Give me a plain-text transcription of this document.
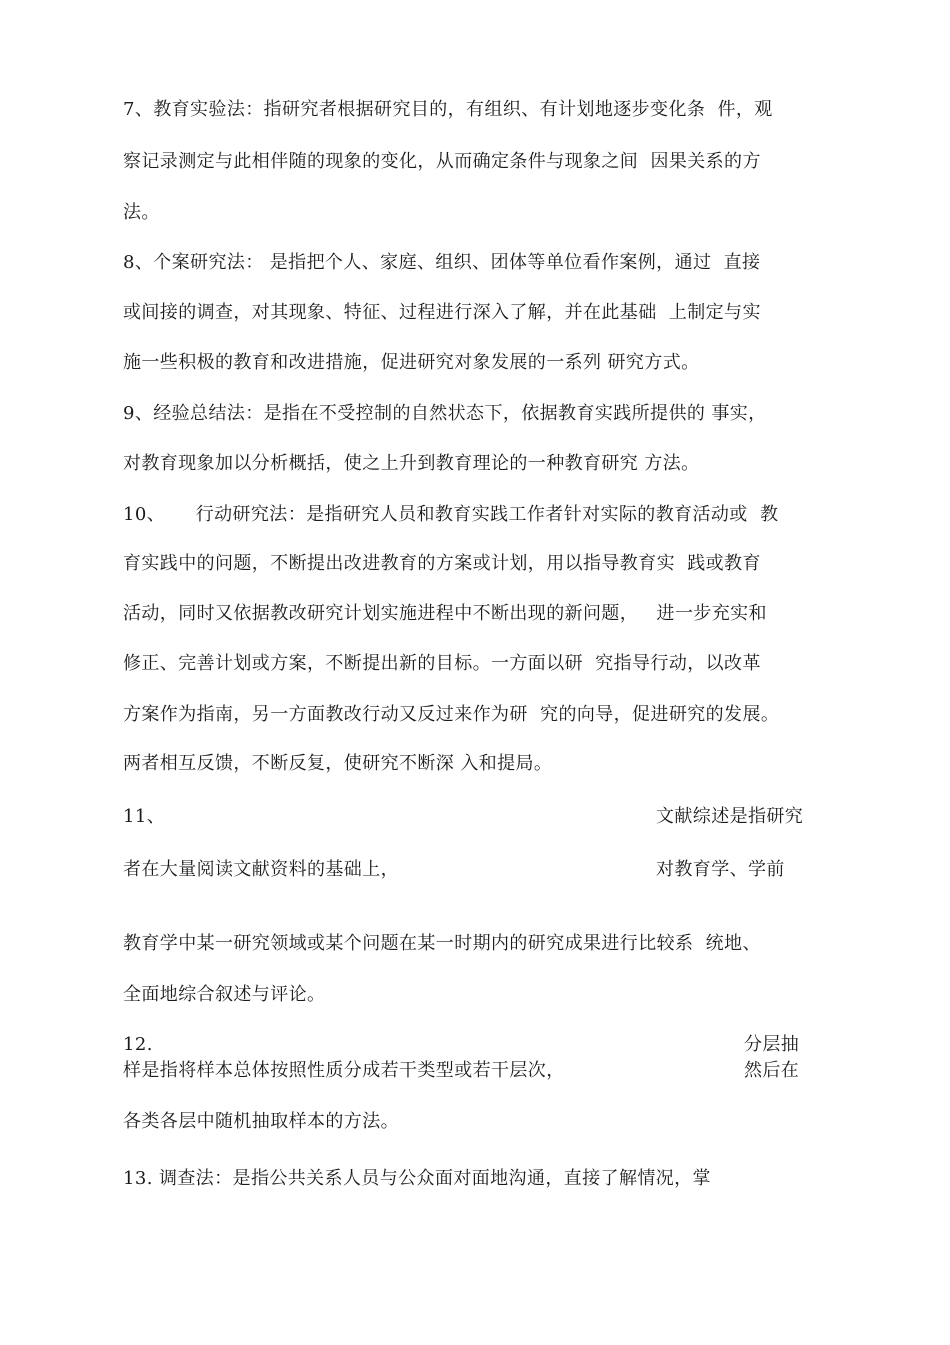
7、教育实验法：指研究者根据研究目的，有组织、有计划地逐步变化条  件，观
察记录测定与此相伴随的现象的变化，从而确定条件与现象之间  因果关系的方
法。
8、个案研究法： 是指把个人、家庭、组织、团体等单位看作案例，通过  直接
或间接的调查，对其现象、特征、过程进行深入了解，并在此基础  上制定与实
施一些积极的教育和改进措施，促进研究对象发展的一系列 研究方式。
9、经验总结法：是指在不受控制的自然状态下，依据教育实践所提供的 事实，
对教育现象加以分析概括，使之上升到教育理论的一种教育研究 方法。
10、     行动研究法：是指研究人员和教育实践工作者针对实际的教育活动或  教
育实践中的问题，不断提出改进教育的方案或计划，用以指导教育实  践或教育
活动，同时又依据教改研究计划实施进程中不断出现的新问题，   进一步充实和
修正、完善计划或方案，不断提出新的目标。一方面以研  究指导行动，以改革
方案作为指南，另一方面教改行动又反过来作为研  究的向导，促进研究的发展。
两者相互反馈，不断反复，使研究不断深 入和提局。
11、	文献综述是指研究
者在大量阅读文献资料的基础上，	对教育学、学前
教育学中某一研究领域或某个问题在某一时期内的研究成果进行比较系  统地、
全面地综合叙述与评论。
12.	分层抽
样是指将样本总体按照性质分成若干类型或若干层次，	然后在
各类各层中随机抽取样本的方法。
13. 调查法：是指公共关系人员与公众面对面地沟通，直接了解情况，掌
